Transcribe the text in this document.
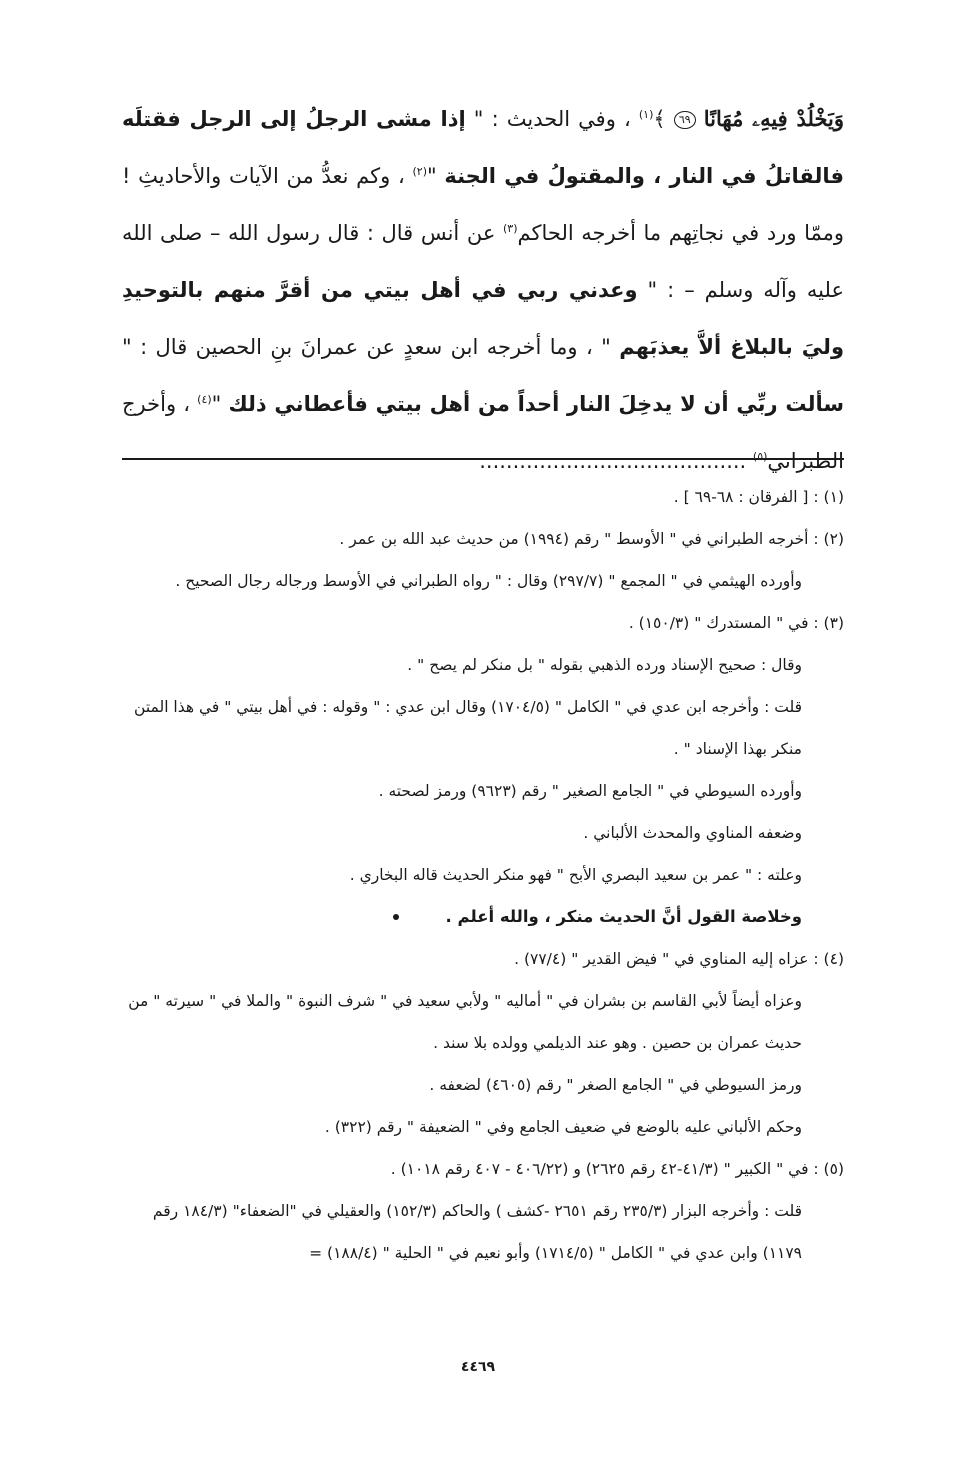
وَيَخْلُدْ فِيهِۦ مُهَانًا ٦٩ ﴾$^{(١)}$ ، وفي الحديث : " إذا مشى الرجلُ إلى الرجل فقتلَه فالقاتلُ في النار ، والمقتولُ في الجنة "$^{(٢)}$ ، وكم نعدُّ من الآيات والأحاديثِ ! وممّا ورد في نجاتِهم ما أخرجه الحاكم$^{(٣)}$ عن أنس قال : قال رسول الله – صلى الله عليه وآله وسلم – : " وعدني ربي في أهل بيتي من أقرَّ منهم بالتوحيدِ وليَ بالبلاغ ألاَّ يعذبَهم " ، وما أخرجه ابن سعدٍ عن عمرانَ بنِ الحصين قال : " سألت ربِّي أن لا يدخِلَ النار أحداً من أهل بيتي فأعطاني ذلك "$^{(٤)}$ ، وأخرج الطبراني$^{(٥)}$ ........................................

(١) : [ الفرقان : ٦٨-٦٩ ] .

(٢) : أخرجه الطبراني في " الأوسط " رقم (١٩٩٤) من حديث عبد الله بن عمر .

وأورده الهيثمي في " المجمع " (٢٩٧/٧) وقال : " رواه الطبراني في الأوسط ورجاله رجال الصحيح .

(٣) : في " المستدرك " (١٥٠/٣) .

وقال : صحيح الإسناد ورده الذهبي بقوله " بل منكر لم يصح " .

قلت : وأخرجه ابن عدي في " الكامل " (١٧٠٤/٥) وقال ابن عدي : " وقوله : في أهل بيتي " في هذا المتن منكر بهذا الإسناد " .

وأورده السيوطي في " الجامع الصغير " رقم (٩٦٢٣) ورمز لصحته .

وضعفه المناوي والمحدث الألباني .

وعلته : " عمر بن سعيد البصري الأبح " فهو منكر الحديث قاله البخاري .

وخلاصة القول أنَّ الحديث منكر ، والله أعلم .

(٤) : عزاه إليه المناوي في " فيض القدير " (٧٧/٤) .

وعزاه أيضاً لأبي القاسم بن بشران في " أماليه " ولأبي سعيد في " شرف النبوة " والملا في " سيرته " من حديث عمران بن حصين . وهو عند الديلمي وولده بلا سند .

ورمز السيوطي في " الجامع الصغر " رقم (٤٦٠٥) لضعفه .

وحكم الألباني عليه بالوضع في ضعيف الجامع وفي " الضعيفة " رقم (٣٢٢) .

(٥) : في " الكبير " (٤١/٣-٤٢ رقم ٢٦٢٥) و (٤٠٦/٢٢ - ٤٠٧ رقم ١٠١٨) .

قلت : وأخرجه البزار (٢٣٥/٣ رقم ٢٦٥١ -كشف ) والحاكم (١٥٢/٣) والعقيلي في "الضعفاء" (١٨٤/٣ رقم ١١٧٩) وابن عدي في " الكامل " (١٧١٤/٥) وأبو نعيم في " الحلية " (١٨٨/٤) =

٤٤٦٩
